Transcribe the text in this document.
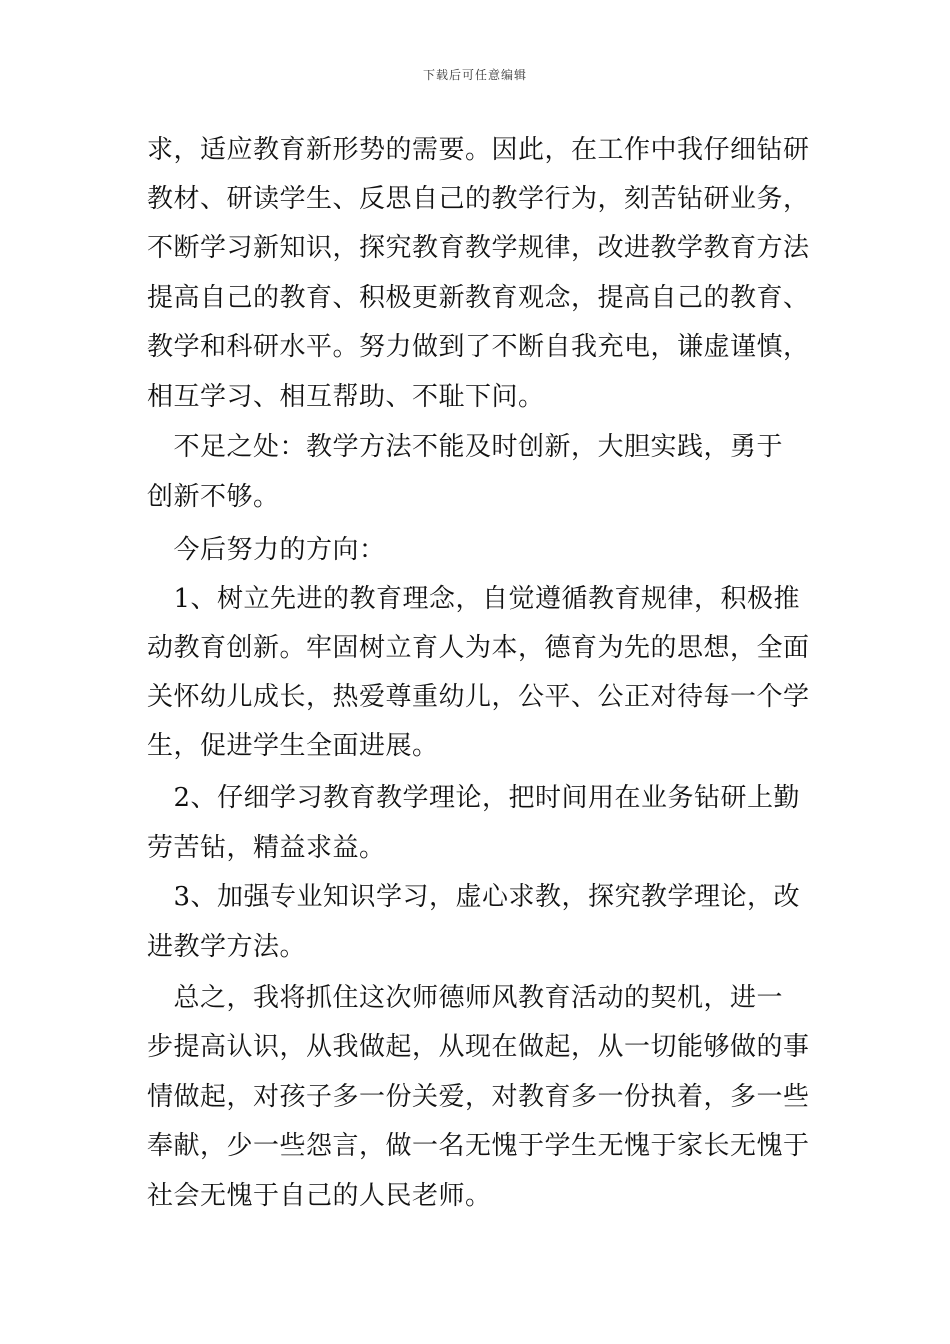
下载后可任意编辑
求，适应教育新形势的需要。因此，在工作中我仔细钻研
教材、研读学生、反思自己的教学行为，刻苦钻研业务，
不断学习新知识，探究教育教学规律，改进教学教育方法
提高自己的教育、积极更新教育观念，提高自己的教育、
教学和科研水平。努力做到了不断自我充电，谦虚谨慎，
相互学习、相互帮助、不耻下问。
　不足之处：教学方法不能及时创新，大胆实践，勇于
创新不够。
　今后努力的方向：
　1、树立先进的教育理念，自觉遵循教育规律，积极推
动教育创新。牢固树立育人为本，德育为先的思想，全面
关怀幼儿成长，热爱尊重幼儿，公平、公正对待每一个学
生，促进学生全面进展。
　2、仔细学习教育教学理论，把时间用在业务钻研上勤
劳苦钻，精益求益。
　3、加强专业知识学习，虚心求教，探究教学理论，改
进教学方法。
　总之，我将抓住这次师德师风教育活动的契机，进一
步提高认识，从我做起，从现在做起，从一切能够做的事
情做起，对孩子多一份关爱，对教育多一份执着，多一些
奉献，少一些怨言，做一名无愧于学生无愧于家长无愧于
社会无愧于自己的人民老师。
